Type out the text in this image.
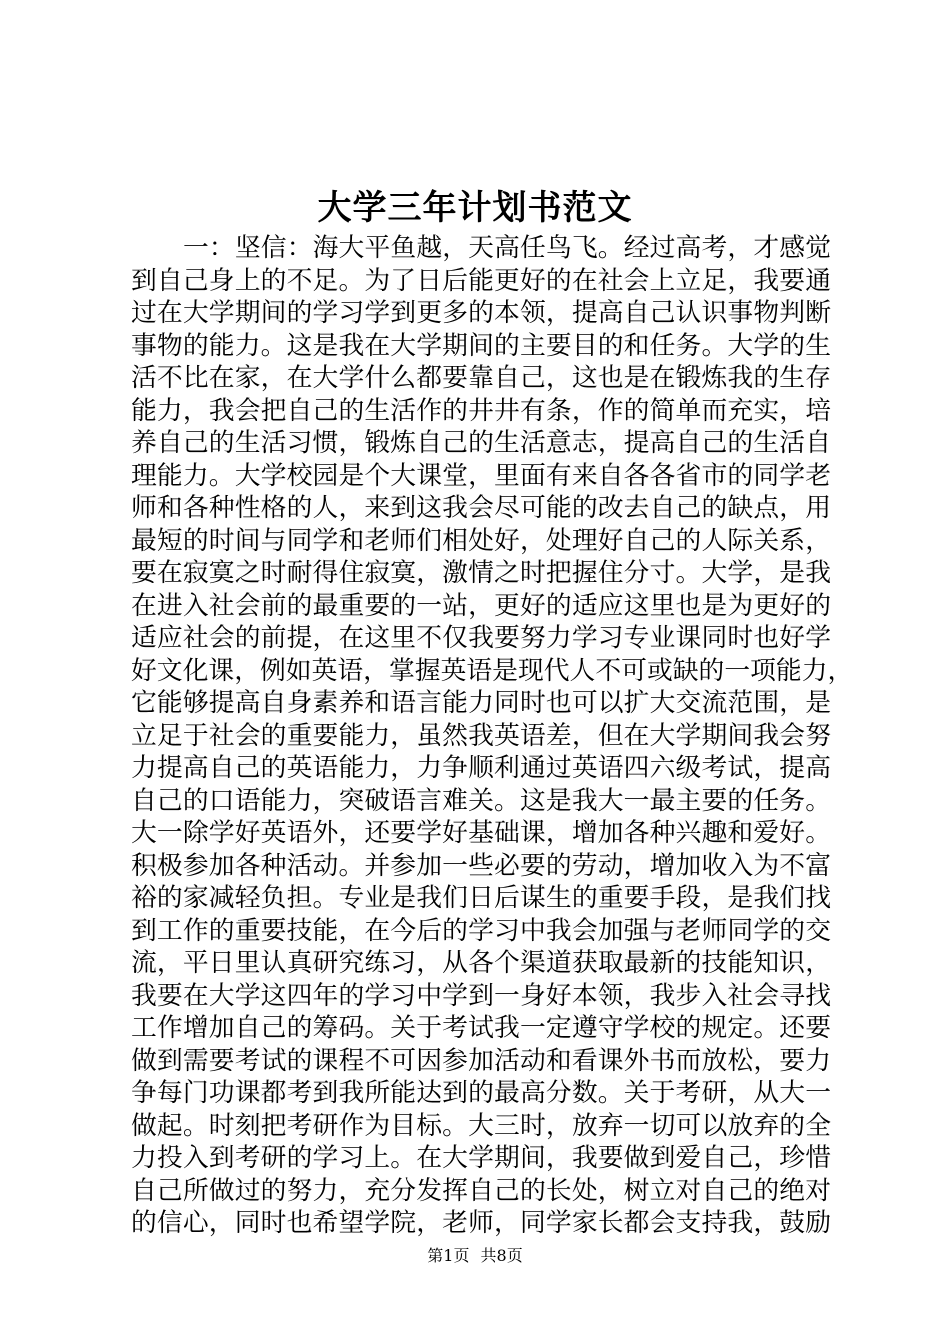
大学三年计划书范文
一：坚信：海大平鱼越，天高任鸟飞。经过高考，才感觉
到自己身上的不足。为了日后能更好的在社会上立足，我要通
过在大学期间的学习学到更多的本领，提高自己认识事物判断
事物的能力。这是我在大学期间的主要目的和任务。大学的生
活不比在家，在大学什么都要靠自己，这也是在锻炼我的生存
能力，我会把自己的生活作的井井有条，作的简单而充实，培
养自己的生活习惯，锻炼自己的生活意志，提高自己的生活自
理能力。大学校园是个大课堂，里面有来自各各省市的同学老
师和各种性格的人，来到这我会尽可能的改去自己的缺点，用
最短的时间与同学和老师们相处好，处理好自己的人际关系，
要在寂寞之时耐得住寂寞，激情之时把握住分寸。大学，是我
在进入社会前的最重要的一站，更好的适应这里也是为更好的
适应社会的前提，在这里不仅我要努力学习专业课同时也好学
好文化课，例如英语，掌握英语是现代人不可或缺的一项能力，
它能够提高自身素养和语言能力同时也可以扩大交流范围，是
立足于社会的重要能力，虽然我英语差，但在大学期间我会努
力提高自己的英语能力，力争顺利通过英语四六级考试，提高
自己的口语能力，突破语言难关。这是我大一最主要的任务。
大一除学好英语外，还要学好基础课，增加各种兴趣和爱好。
积极参加各种活动。并参加一些必要的劳动，增加收入为不富
裕的家减轻负担。专业是我们日后谋生的重要手段，是我们找
到工作的重要技能，在今后的学习中我会加强与老师同学的交
流，平日里认真研究练习，从各个渠道获取最新的技能知识，
我要在大学这四年的学习中学到一身好本领，我步入社会寻找
工作增加自己的筹码。关于考试我一定遵守学校的规定。还要
做到需要考试的课程不可因参加活动和看课外书而放松，要力
争每门功课都考到我所能达到的最高分数。关于考研，从大一
做起。时刻把考研作为目标。大三时，放弃一切可以放弃的全
力投入到考研的学习上。在大学期间，我要做到爱自己，珍惜
自己所做过的努力，充分发挥自己的长处，树立对自己的绝对
的信心，同时也希望学院，老师，同学家长都会支持我，鼓励
第1页 共8页
